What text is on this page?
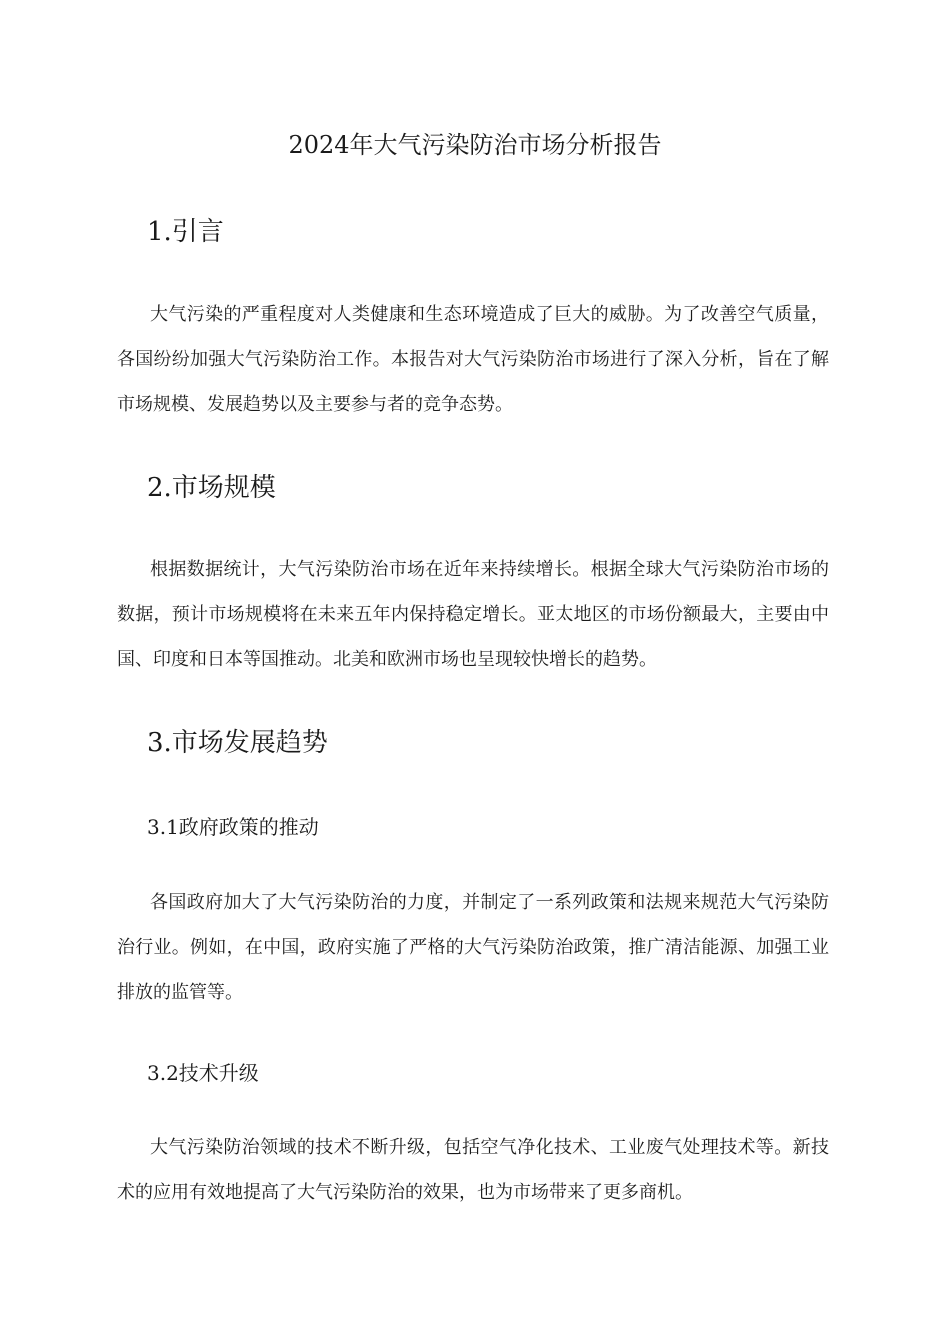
2024年大气污染防治市场分析报告
1.引言
大气污染的严重程度对人类健康和生态环境造成了巨大的威胁。为了改善空气质量，各国纷纷加强大气污染防治工作。本报告对大气污染防治市场进行了深入分析，旨在了解市场规模、发展趋势以及主要参与者的竞争态势。
2.市场规模
根据数据统计，大气污染防治市场在近年来持续增长。根据全球大气污染防治市场的数据，预计市场规模将在未来五年内保持稳定增长。亚太地区的市场份额最大，主要由中国、印度和日本等国推动。北美和欧洲市场也呈现较快增长的趋势。
3.市场发展趋势
3.1政府政策的推动
各国政府加大了大气污染防治的力度，并制定了一系列政策和法规来规范大气污染防治行业。例如，在中国，政府实施了严格的大气污染防治政策，推广清洁能源、加强工业排放的监管等。
3.2技术升级
大气污染防治领域的技术不断升级，包括空气净化技术、工业废气处理技术等。新技术的应用有效地提高了大气污染防治的效果，也为市场带来了更多商机。
